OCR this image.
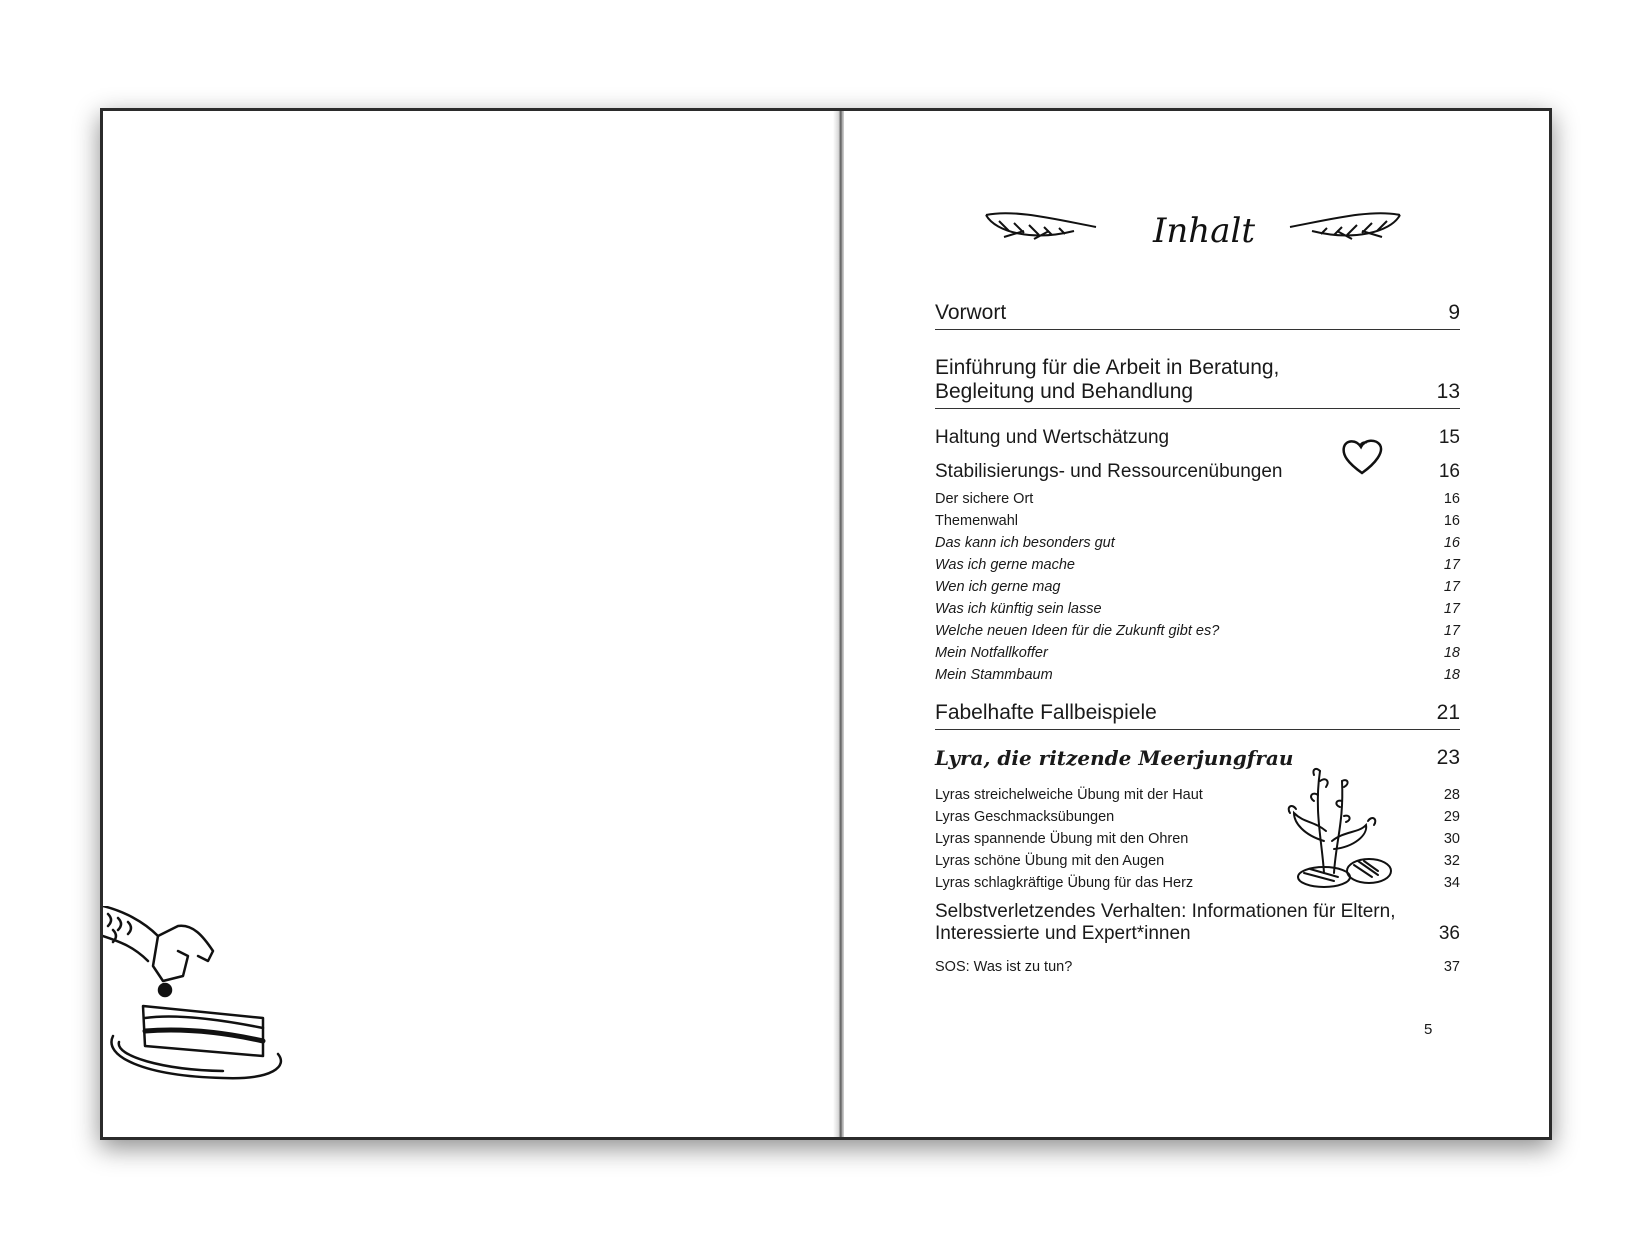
Inhalt
Vorwort	9
Einführung für die Arbeit in Beratung,
Begleitung und Behandlung	13
Haltung und Wertschätzung	15
Stabilisierungs- und Ressourcenübungen	16
Der sichere Ort	16
Themenwahl	16
Das kann ich besonders gut	16
Was ich gerne mache	17
Wen ich gerne mag	17
Was ich künftig sein lasse	17
Welche neuen Ideen für die Zukunft gibt es?	17
Mein Notfallkoffer	18
Mein Stammbaum	18
Fabelhafte Fallbeispiele	21
Lyra, die ritzende Meerjungfrau	23
Lyras streichelweiche Übung mit der Haut	28
Lyras Geschmacksübungen	29
Lyras spannende Übung mit den Ohren	30
Lyras schöne Übung mit den Augen	32
Lyras schlagkräftige Übung für das Herz	34
Selbstverletzendes Verhalten: Informationen für Eltern,
Interessierte und Expert*innen	36
SOS: Was ist zu tun?	37
5
